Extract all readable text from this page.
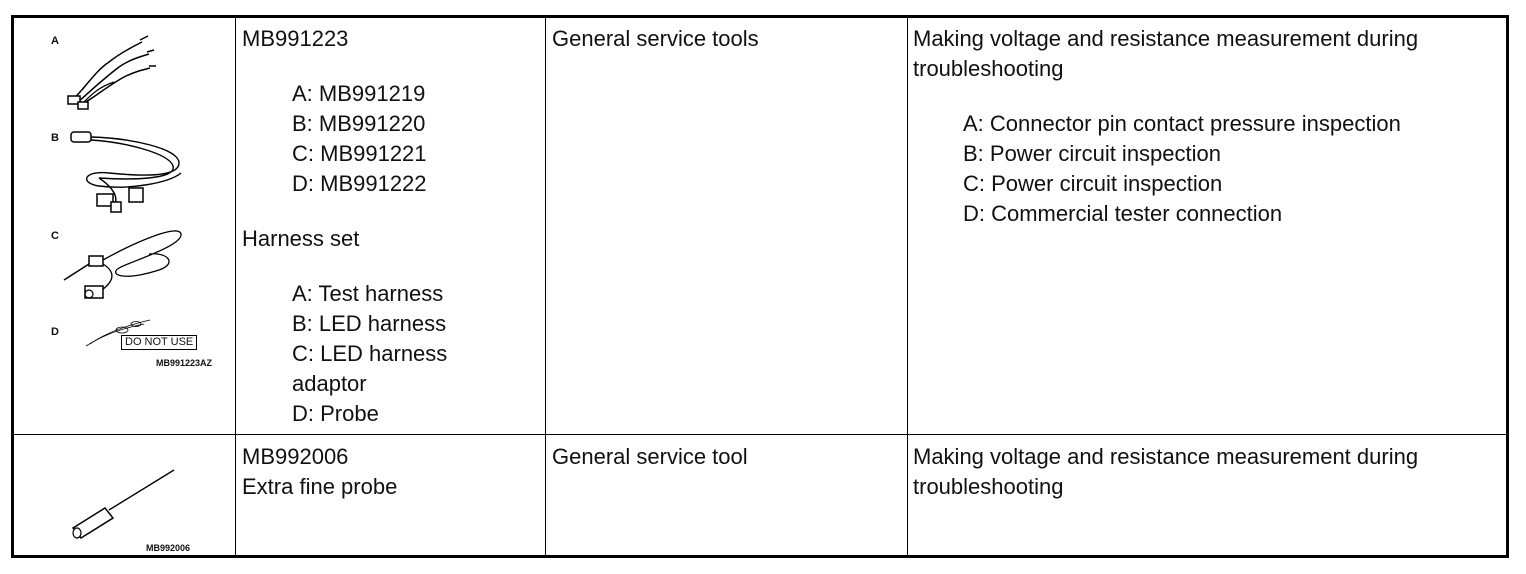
A
B
C
D
DO NOT USE
MB991223AZ
MB991223
A: MB991219
B: MB991220
C: MB991221
D: MB991222
Harness set
A: Test harness
B: LED harness
C: LED harness
adaptor
D: Probe
General service tools	Making voltage and resistance measurement during
troubleshooting
A: Connector pin contact pressure inspection
B: Power circuit inspection
C: Power circuit inspection
D: Commercial tester connection
MB992006
MB992006
Extra fine probe
General service tool	Making voltage and resistance measurement during
troubleshooting
